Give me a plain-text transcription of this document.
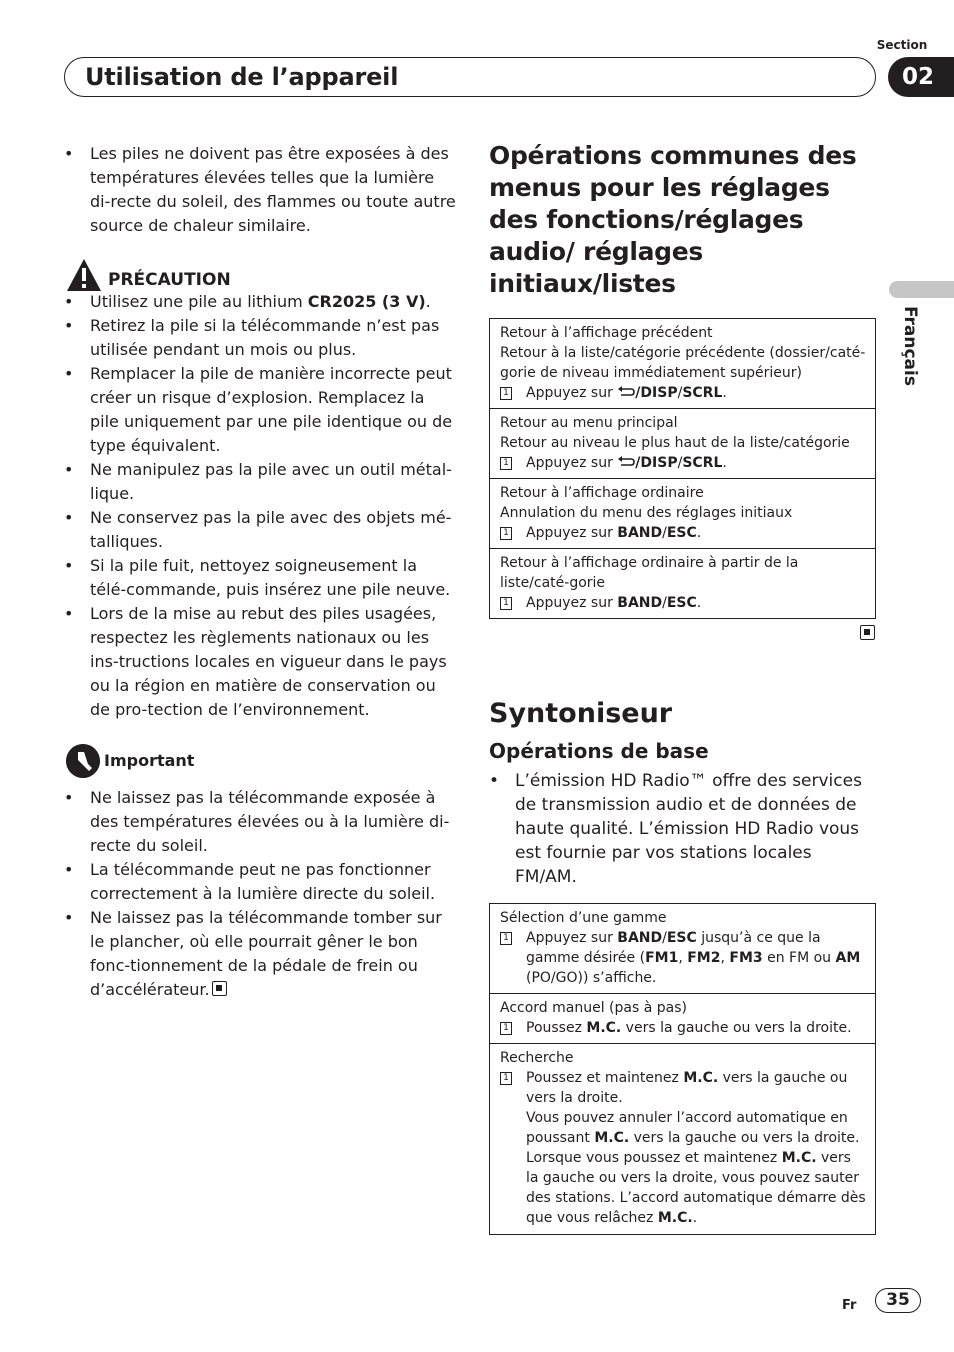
Section
Utilisation de l’appareil	02
Français
• Les piles ne doivent pas être exposées à des températures élevées telles que la lumière di-recte du soleil, des flammes ou toute autre source de chaleur similaire.
PRÉCAUTION
• Utilisez une pile au lithium CR2025 (3 V).
• Retirez la pile si la télécommande n’est pas utilisée pendant un mois ou plus.
• Remplacer la pile de manière incorrecte peut créer un risque d’explosion. Remplacez la pile uniquement par une pile identique ou de type équivalent.
• Ne manipulez pas la pile avec un outil métal-lique.
• Ne conservez pas la pile avec des objets mé-talliques.
• Si la pile fuit, nettoyez soigneusement la télé-commande, puis insérez une pile neuve.
• Lors de la mise au rebut des piles usagées, respectez les règlements nationaux ou les ins-tructions locales en vigueur dans le pays ou la région en matière de conservation ou de pro-tection de l’environnement.
Important
• Ne laissez pas la télécommande exposée à des températures élevées ou à la lumière di-recte du soleil.
• La télécommande peut ne pas fonctionner correctement à la lumière directe du soleil.
• Ne laissez pas la télécommande tomber sur le plancher, où elle pourrait gêner le bon fonc-tionnement de la pédale de frein ou d’accélérateur.
Opérations communes des menus pour les réglages des fonctions/réglages audio/ réglages initiaux/listes
Retour à l’affichage précédent
Retour à la liste/catégorie précédente (dossier/caté-gorie de niveau immédiatement supérieur)
1 Appuyez sur /DISP/SCRL.
Retour au menu principal
Retour au niveau le plus haut de la liste/catégorie
1 Appuyez sur /DISP/SCRL.
Retour à l’affichage ordinaire
Annulation du menu des réglages initiaux
1 Appuyez sur BAND/ESC.
Retour à l’affichage ordinaire à partir de la liste/caté-gorie
1 Appuyez sur BAND/ESC.
Syntoniseur
Opérations de base
• L’émission HD Radio™ offre des services de transmission audio et de données de haute qualité. L’émission HD Radio vous est fournie par vos stations locales FM/AM.
Sélection d’une gamme
1 Appuyez sur BAND/ESC jusqu’à ce que la gamme désirée (FM1, FM2, FM3 en FM ou AM (PO/GO)) s’affiche.
Accord manuel (pas à pas)
1 Poussez M.C. vers la gauche ou vers la droite.
Recherche
1 Poussez et maintenez M.C. vers la gauche ou vers la droite.
Vous pouvez annuler l’accord automatique en poussant M.C. vers la gauche ou vers la droite.
Lorsque vous poussez et maintenez M.C. vers la gauche ou vers la droite, vous pouvez sauter des stations. L’accord automatique démarre dès que vous relâchez M.C..
Fr	35
